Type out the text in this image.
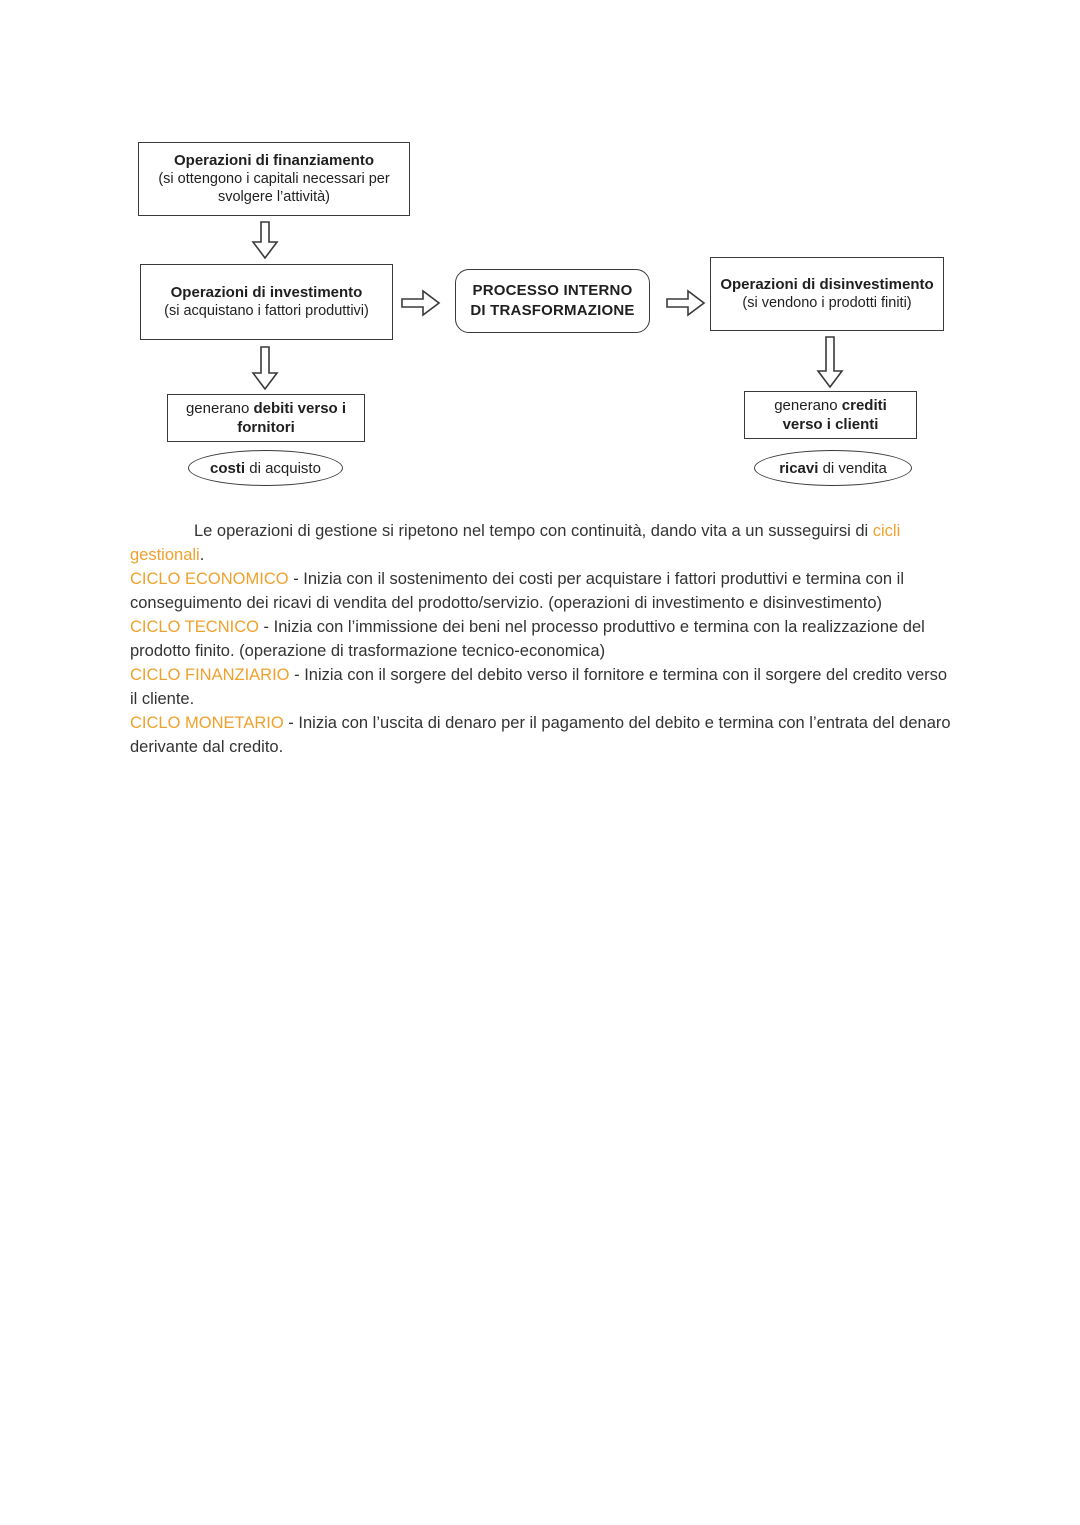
Operazioni di finanziamento
(si ottengono i capitali necessari per svolgere l’attività)
Operazioni di investimento
(si acquistano i fattori produttivi)
PROCESSO INTERNO DI TRASFORMAZIONE
Operazioni di disinvestimento
(si vendono i prodotti finiti)
generano debiti verso i fornitori
costi di acquisto
generano crediti verso i clienti
ricavi di vendita

Le operazioni di gestione si ripetono nel tempo con continuità, dando vita a un susseguirsi di cicli gestionali.

CICLO ECONOMICO - Inizia con il sostenimento dei costi per acquistare i fattori produttivi e termina con il conseguimento dei ricavi di vendita del prodotto/servizio. (operazioni di investimento e disinvestimento)

CICLO TECNICO - Inizia con l’immissione dei beni nel processo produttivo e termina con la realizzazione del prodotto finito. (operazione di trasformazione tecnico-economica)

CICLO FINANZIARIO - Inizia con il sorgere del debito verso il fornitore e termina con il sorgere del credito verso il cliente.

CICLO MONETARIO - Inizia con l’uscita di denaro per il pagamento del debito e termina con l’entrata del denaro derivante dal credito.
